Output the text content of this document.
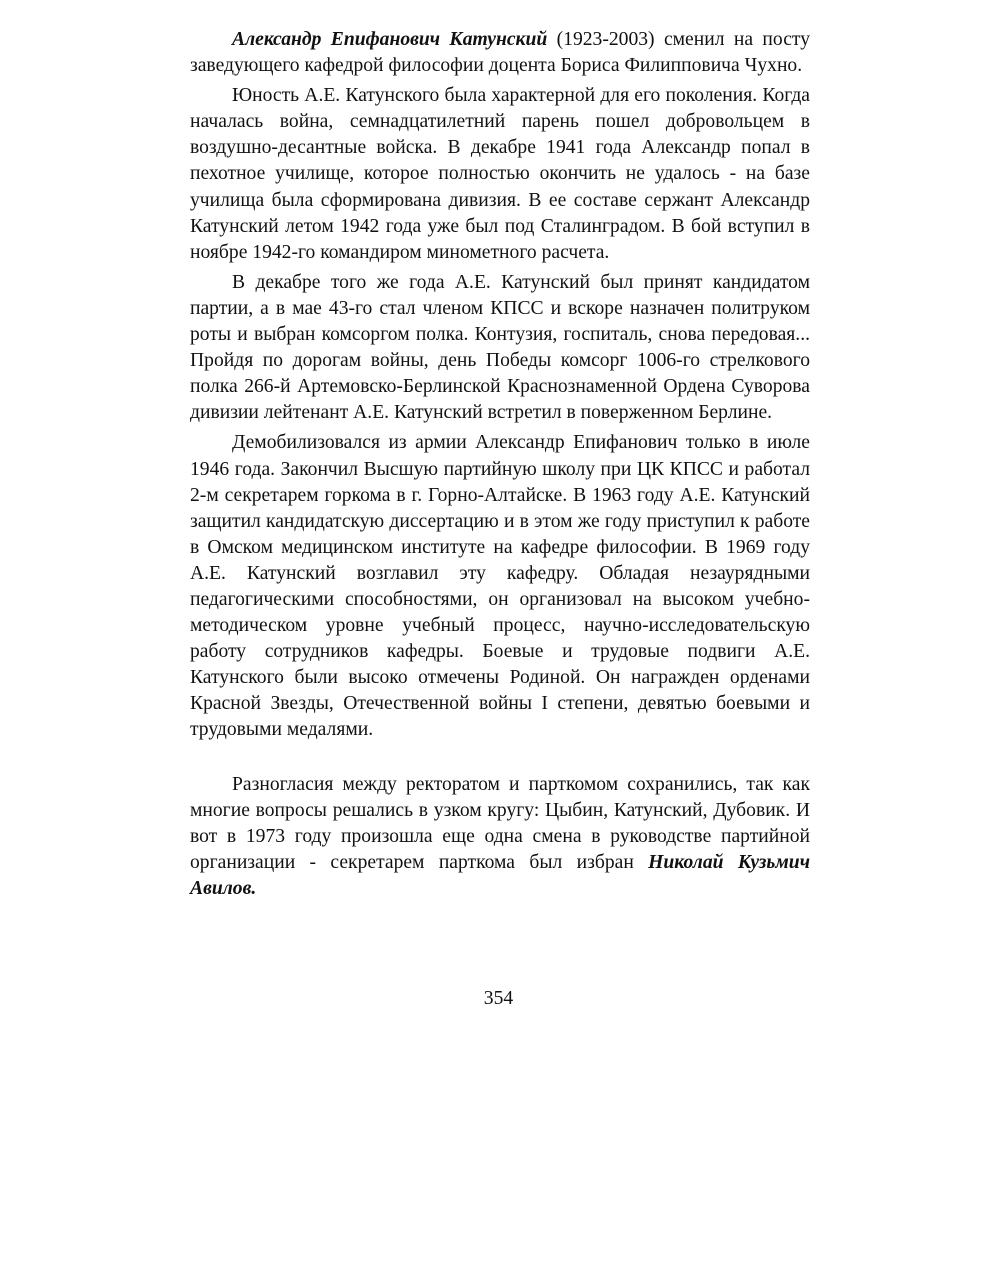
Александр Епифанович Катунский (1923-2003) сменил на посту заведующего кафедрой философии доцента Бориса Филипповича Чухно.

Юность А.Е. Катунского была характерной для его поколения. Когда началась война, семнадцатилетний парень пошел добровольцем в воздушно-десантные войска. В декабре 1941 года Александр попал в пехотное училище, которое полностью окончить не удалось - на базе училища была сформирована дивизия. В ее составе сержант Александр Катунский летом 1942 года уже был под Сталинградом. В бой вступил в ноябре 1942-го командиром минометного расчета.

В декабре того же года А.Е. Катунский был принят кандидатом партии, а в мае 43-го стал членом КПСС и вскоре назначен политруком роты и выбран комсоргом полка. Контузия, госпиталь, снова передовая... Пройдя по дорогам войны, день Победы комсорг 1006-го стрелкового полка 266-й Артемовско-Берлинской Краснознаменной Ордена Суворова дивизии лейтенант А.Е. Катунский встретил в поверженном Берлине.

Демобилизовался из армии Александр Епифанович только в июле 1946 года. Закончил Высшую партийную школу при ЦК КПСС и работал 2-м секретарем горкома в г. Горно-Алтайске. В 1963 году А.Е. Катунский защитил кандидатскую диссертацию и в этом же году приступил к работе в Омском медицинском институте на кафедре философии. В 1969 году А.Е. Катунский возглавил эту кафедру. Обладая незаурядными педагогическими способностями, он организовал на высоком учебно-методическом уровне учебный процесс, научно-исследовательскую работу сотрудников кафедры. Боевые и трудовые подвиги А.Е. Катунского были высоко отмечены Родиной. Он награжден орденами Красной Звезды, Отечественной войны I степени, девятью боевыми и трудовыми медалями.

Разногласия между ректоратом и парткомом сохранились, так как многие вопросы решались в узком кругу: Цыбин, Катунский, Дубовик. И вот в 1973 году произошла еще одна смена в руководстве партийной организации - секретарем парткома был избран Николай Кузьмич Авилов.

354
